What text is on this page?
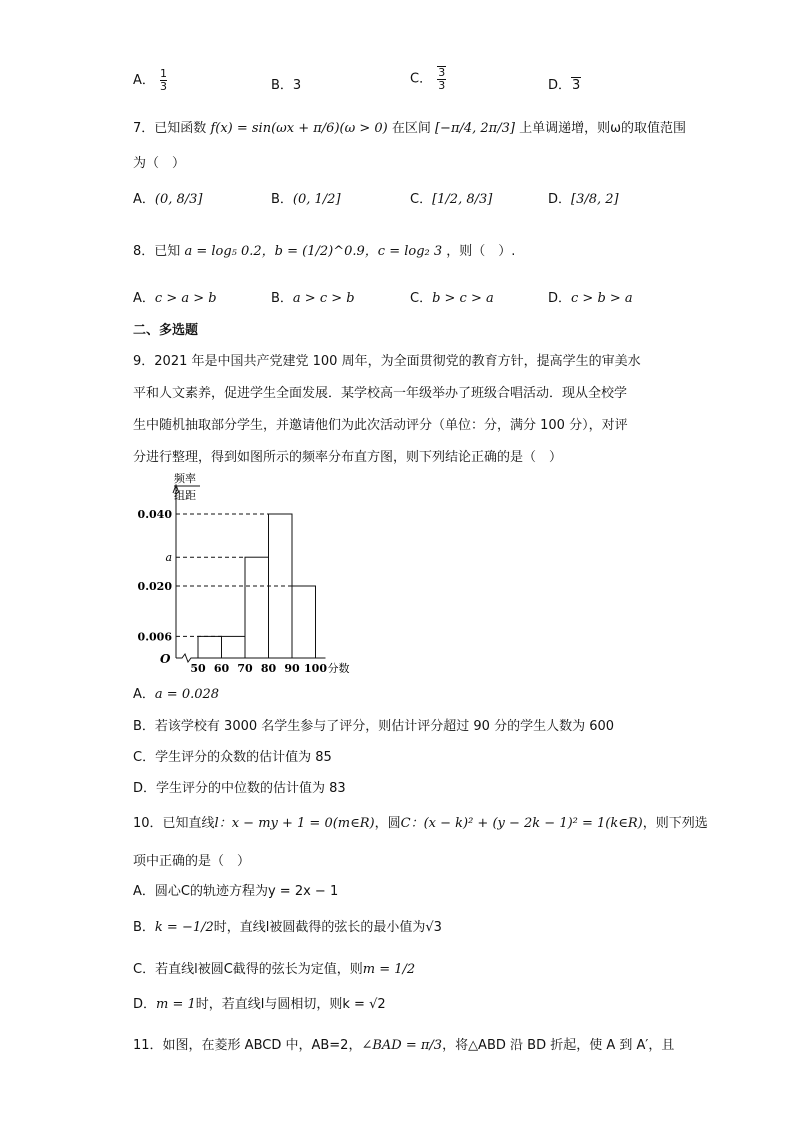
A． $\frac{1}{3}$	B．3	C． $\frac{3}{3}$	D．3
7．已知函数 f(x) = sin(ωx + π/6)(ω > 0) 在区间 [−π/4, 2π/3] 上单调递增，则ω的取值范围
为（　）
A．(0, 8/3]	B．(0, 1/2]	C．[1/2, 8/3]	D．[3/8, 2]
8．已知 a = log₅ 0.2，b = (1/2)^0.9，c = log₂ 3 ，则（　）.
A．c > a > b	B．a > c > b	C．b > c > a	D．c > b > a
二、多选题
9．2021 年是中国共产党建党 100 周年，为全面贯彻党的教育方针，提高学生的审美水
平和人文素养，促进学生全面发展．某学校高一年级举办了班级合唱活动．现从全校学
生中随机抽取部分学生，并邀请他们为此次活动评分（单位：分，满分 100 分），对评
分进行整理，得到如图所示的频率分布直方图，则下列结论正确的是（　）
频率
组距
O
0.006
0.020
a
0.040
50 60 70 80 90 100 分数
A．a = 0.028
B．若该学校有 3000 名学生参与了评分，则估计评分超过 90 分的学生人数为 600
C．学生评分的众数的估计值为 85
D．学生评分的中位数的估计值为 83
10．已知直线l：x − my + 1 = 0(m∈R)，圆C：(x − k)² + (y − 2k − 1)² = 1(k∈R)，则下列选
项中正确的是（　）
A．圆心C的轨迹方程为y = 2x − 1
B．k = −1/2时，直线l被圆截得的弦长的最小值为√3
C．若直线l被圆C截得的弦长为定值，则m = 1/2
D．m = 1时，若直线l与圆相切，则k = √2
11．如图，在菱形 ABCD 中，AB=2，∠BAD = π/3，将△ABD 沿 BD 折起，使 A 到 A′，且
